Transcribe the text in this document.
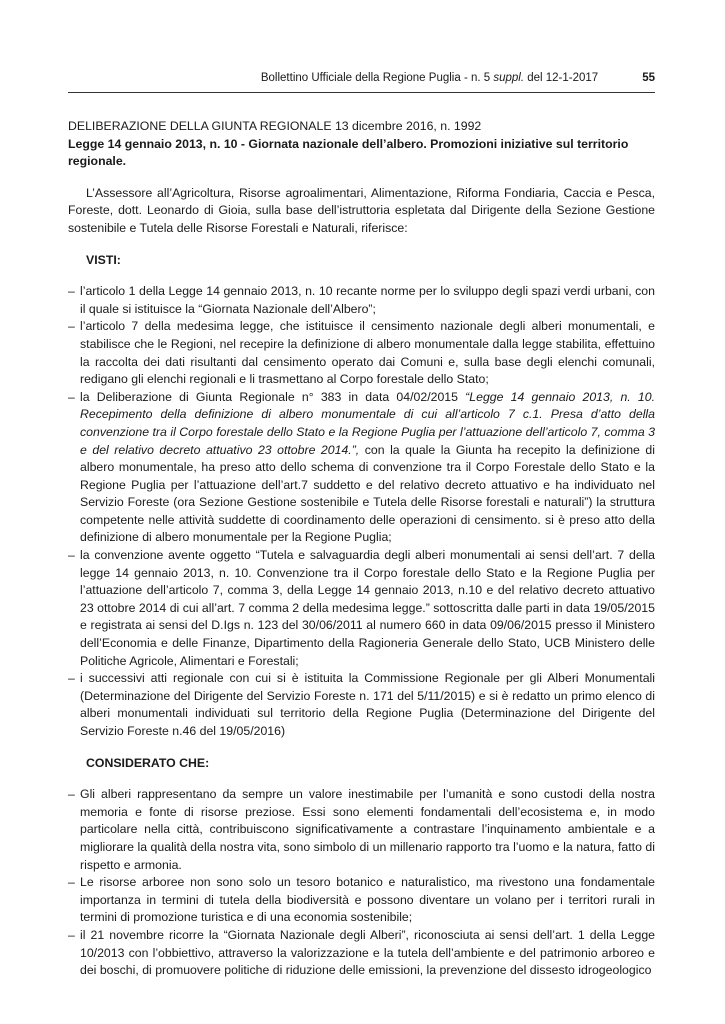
Bollettino Ufficiale della Regione Puglia - n. 5 suppl. del 12-1-2017	55

DELIBERAZIONE DELLA GIUNTA REGIONALE 13 dicembre 2016, n. 1992

Legge 14 gennaio 2013, n. 10 - Giornata nazionale dell’albero. Promozioni iniziative sul territorio regionale.

L’Assessore all’Agricoltura, Risorse agroalimentari, Alimentazione, Riforma Fondiaria, Caccia e Pesca, Foreste, dott. Leonardo di Gioia, sulla base dell’istruttoria espletata dal Dirigente della Sezione Gestione sostenibile e Tutela delle Risorse Forestali e Naturali, riferisce:

VISTI:

– l’articolo 1 della Legge 14 gennaio 2013, n. 10 recante norme per lo sviluppo degli spazi verdi urbani, con il quale si istituisce la “Giornata Nazionale dell’Albero”;
– l’articolo 7 della medesima legge, che istituisce il censimento nazionale degli alberi monumentali, e stabilisce che le Regioni, nel recepire la definizione di albero monumentale dalla legge stabilita, effettuino la raccolta dei dati risultanti dal censimento operato dai Comuni e, sulla base degli elenchi comunali, redigano gli elenchi regionali e li trasmettano al Corpo forestale dello Stato;
– la Deliberazione di Giunta Regionale n° 383 in data 04/02/2015 “Legge 14 gennaio 2013, n. 10. Recepimento della definizione di albero monumentale di cui all’articolo 7 c.1. Presa d’atto della convenzione tra il Corpo forestale dello Stato e la Regione Puglia per l’attuazione dell’articolo 7, comma 3 e del relativo decreto attuativo 23 ottobre 2014.”, con la quale la Giunta ha recepito la definizione di albero monumentale, ha preso atto dello schema di convenzione tra il Corpo Forestale dello Stato e la Regione Puglia per l’attuazione dell’art.7 suddetto e del relativo decreto attuativo e ha individuato nel Servizio Foreste (ora Sezione Gestione sostenibile e Tutela delle Risorse forestali e naturali”) la struttura competente nelle attività suddette di coordinamento delle operazioni di censimento. si è preso atto della definizione di albero monumentale per la Regione Puglia;
– la convenzione avente oggetto “Tutela e salvaguardia degli alberi monumentali ai sensi dell’art. 7 della legge 14 gennaio 2013, n. 10. Convenzione tra il Corpo forestale dello Stato e la Regione Puglia per l’attuazione dell’articolo 7, comma 3, della Legge 14 gennaio 2013, n.10 e del relativo decreto attuativo 23 ottobre 2014 di cui all’art. 7 comma 2 della medesima legge.” sottoscritta dalle parti in data 19/05/2015 e registrata ai sensi del D.Igs n. 123 del 30/06/2011 al numero 660 in data 09/06/2015 presso il Ministero dell’Economia e delle Finanze, Dipartimento della Ragioneria Generale dello Stato, UCB Ministero delle Politiche Agricole, Alimentari e Forestali;
– i successivi atti regionale con cui si è istituita la Commissione Regionale per gli Alberi Monumentali (Determinazione del Dirigente del Servizio Foreste n. 171 del 5/11/2015) e si è redatto un primo elenco di alberi monumentali individuati sul territorio della Regione Puglia (Determinazione del Dirigente del Servizio Foreste n.46 del 19/05/2016)

CONSIDERATO CHE:

– Gli alberi rappresentano da sempre un valore inestimabile per l’umanità e sono custodi della nostra memoria e fonte di risorse preziose. Essi sono elementi fondamentali dell’ecosistema e, in modo particolare nella città, contribuiscono significativamente a contrastare l’inquinamento ambientale e a migliorare la qualità della nostra vita, sono simbolo di un millenario rapporto tra l’uomo e la natura, fatto di rispetto e armonia.
– Le risorse arboree non sono solo un tesoro botanico e naturalistico, ma rivestono una fondamentale importanza in termini di tutela della biodiversità e possono diventare un volano per i territori rurali in termini di promozione turistica e di una economia sostenibile;
– il 21 novembre ricorre la “Giornata Nazionale degli Alberi”, riconosciuta ai sensi dell’art. 1 della Legge 10/2013 con l’obbiettivo, attraverso la valorizzazione e la tutela dell’ambiente e del patrimonio arboreo e dei boschi, di promuovere politiche di riduzione delle emissioni, la prevenzione del dissesto idrogeologico
